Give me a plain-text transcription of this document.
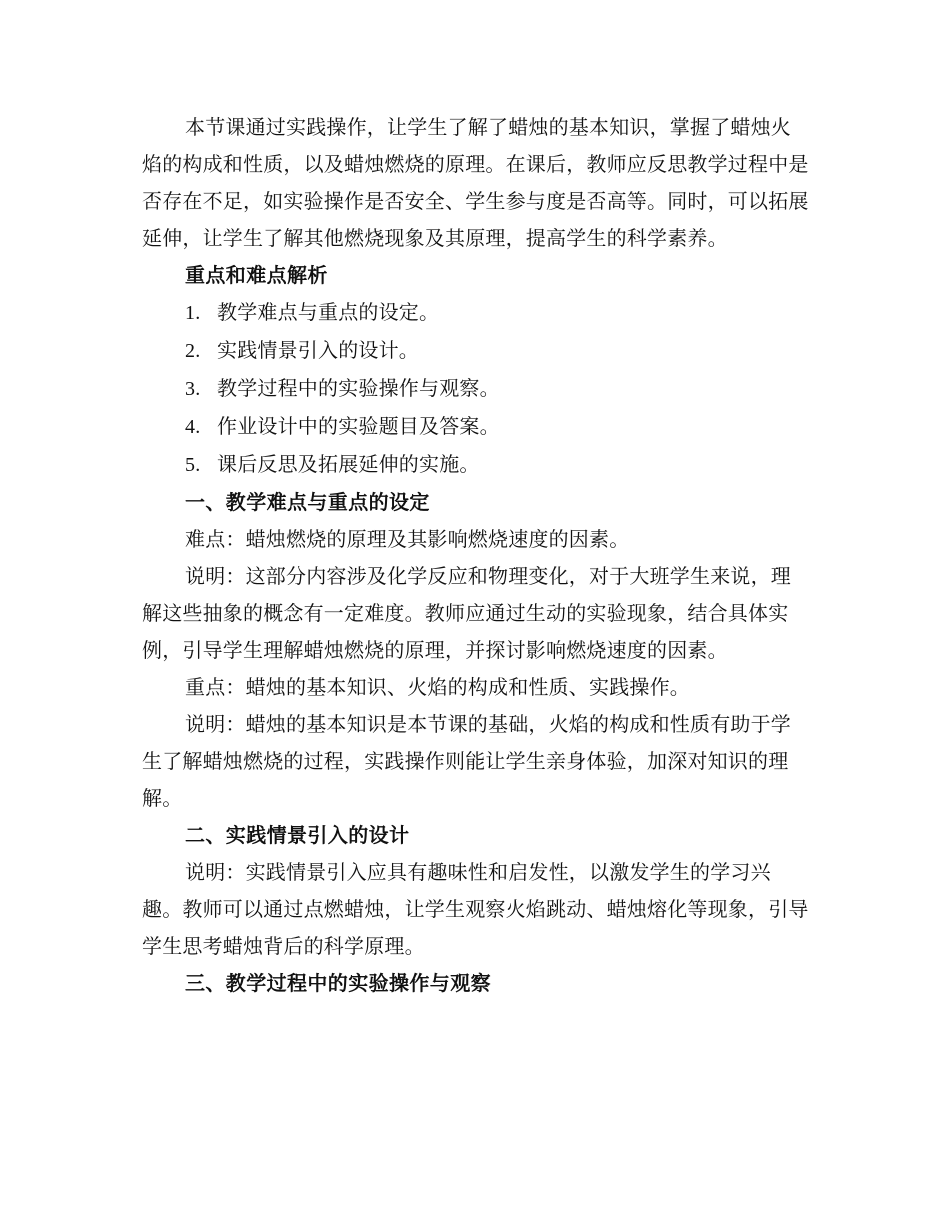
本节课通过实践操作，让学生了解了蜡烛的基本知识，掌握了蜡烛火焰的构成和性质，以及蜡烛燃烧的原理。在课后，教师应反思教学过程中是否存在不足，如实验操作是否安全、学生参与度是否高等。同时，可以拓展延伸，让学生了解其他燃烧现象及其原理，提高学生的科学素养。

重点和难点解析

1. 教学难点与重点的设定。

2. 实践情景引入的设计。

3. 教学过程中的实验操作与观察。

4. 作业设计中的实验题目及答案。

5. 课后反思及拓展延伸的实施。

一、教学难点与重点的设定

难点：蜡烛燃烧的原理及其影响燃烧速度的因素。

说明：这部分内容涉及化学反应和物理变化，对于大班学生来说，理解这些抽象的概念有一定难度。教师应通过生动的实验现象，结合具体实例，引导学生理解蜡烛燃烧的原理，并探讨影响燃烧速度的因素。

重点：蜡烛的基本知识、火焰的构成和性质、实践操作。

说明：蜡烛的基本知识是本节课的基础，火焰的构成和性质有助于学生了解蜡烛燃烧的过程，实践操作则能让学生亲身体验，加深对知识的理解。

二、实践情景引入的设计

说明：实践情景引入应具有趣味性和启发性，以激发学生的学习兴趣。教师可以通过点燃蜡烛，让学生观察火焰跳动、蜡烛熔化等现象，引导学生思考蜡烛背后的科学原理。

三、教学过程中的实验操作与观察
